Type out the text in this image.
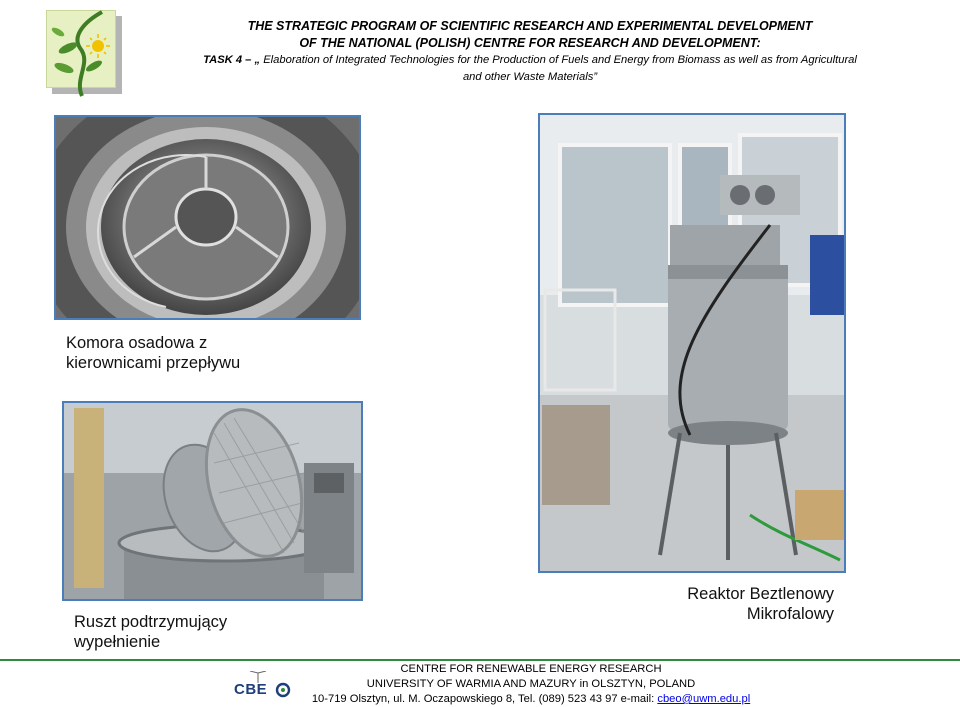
THE STRATEGIC PROGRAM OF SCIENTIFIC RESEARCH AND EXPERIMENTAL DEVELOPMENT
OF THE NATIONAL (POLISH) CENTRE FOR RESEARCH AND DEVELOPMENT:
TASK 4 – „ Elaboration of Integrated Technologies for the Production of Fuels and Energy from Biomass as well as from Agricultural
and other Waste Materials”
Komora osadowa z
kierownicami przepływu
Reaktor Beztlenowy
Mikrofalowy
Ruszt podtrzymujący
wypełnienie
CBE
CENTRE FOR RENEWABLE ENERGY RESEARCH
UNIVERSITY OF WARMIA AND MAZURY in OLSZTYN, POLAND
10-719 Olsztyn, ul. M. Oczapowskiego 8, Tel. (089) 523 43 97 e-mail: cbeo@uwm.edu.pl
